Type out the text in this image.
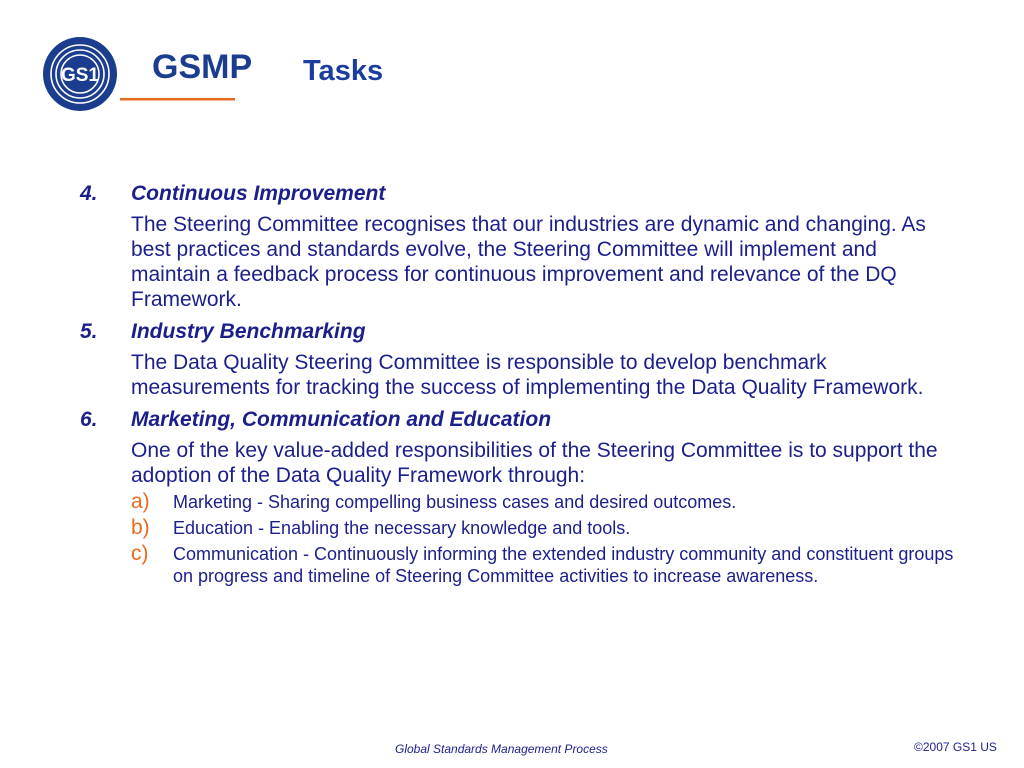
GS1 GSMP Tasks
4.	Continuous Improvement
The Steering Committee recognises that our industries are dynamic and changing. As best practices and standards evolve, the Steering Committee will implement and maintain a feedback process for continuous improvement and relevance of the DQ Framework.
5.	Industry Benchmarking
The Data Quality Steering Committee is responsible to develop benchmark measurements for tracking the success of implementing the Data Quality Framework.
6.	Marketing, Communication and Education
One of the key value-added responsibilities of the Steering Committee is to support the adoption of the Data Quality Framework through:
a)	Marketing - Sharing compelling business cases and desired outcomes.
b)	Education - Enabling the necessary knowledge and tools.
c)	Communication - Continuously informing the extended industry community and constituent groups on progress and timeline of Steering Committee activities to increase awareness.
Global Standards Management Process	©2007 GS1 US
